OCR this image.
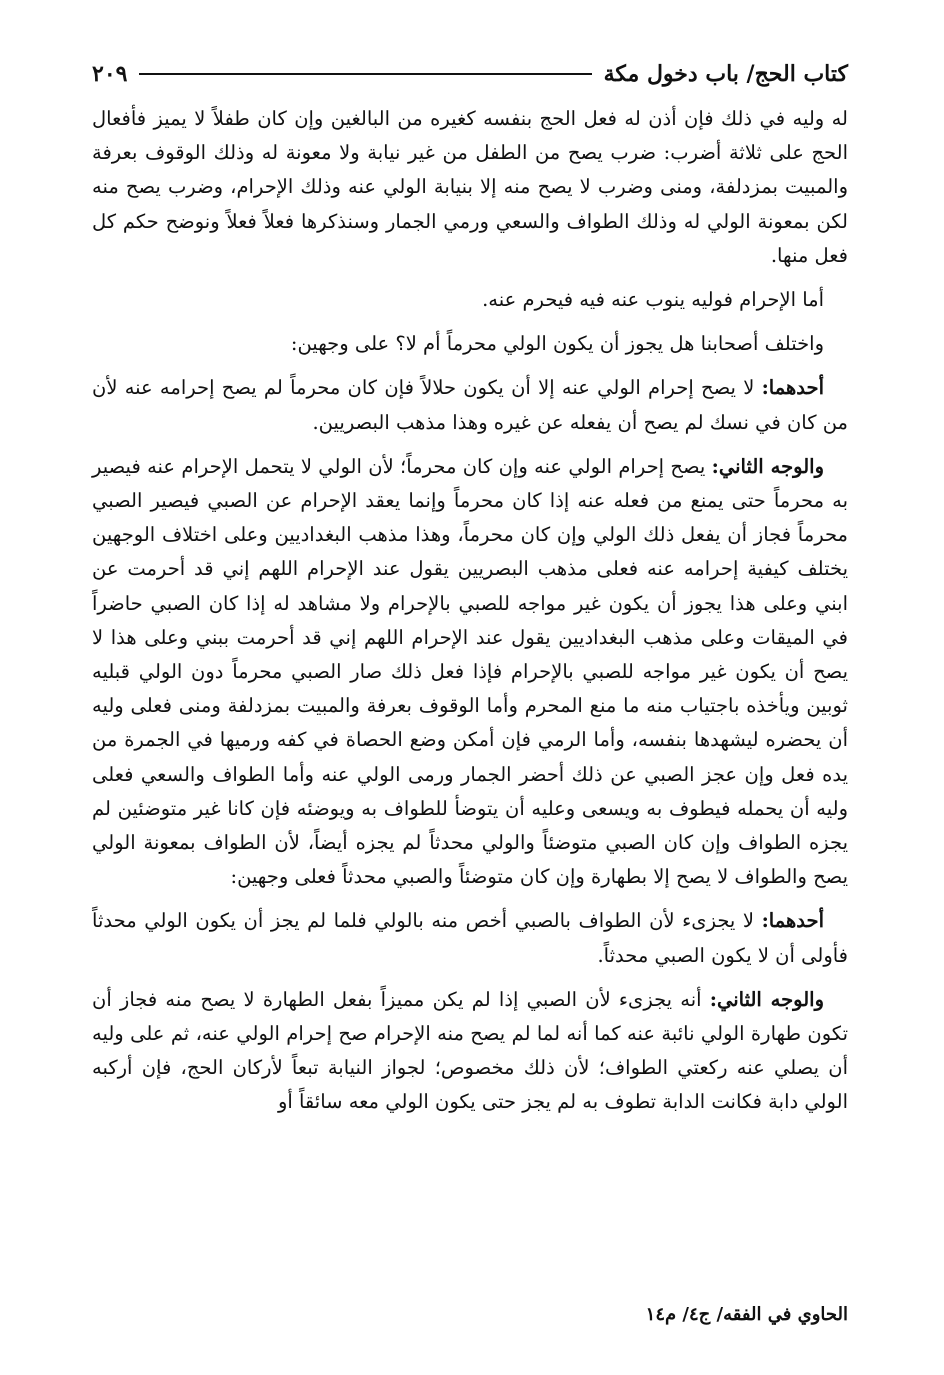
كتاب الحج/ باب دخول مكة
٢٠٩

له وليه في ذلك فإن أذن له فعل الحج بنفسه كغيره من البالغين وإن كان طفلاً لا يميز فأفعال الحج على ثلاثة أضرب: ضرب يصح من الطفل من غير نيابة ولا معونة له وذلك الوقوف بعرفة والمبيت بمزدلفة، ومنى وضرب لا يصح منه إلا بنيابة الولي عنه وذلك الإحرام، وضرب يصح منه لكن بمعونة الولي له وذلك الطواف والسعي ورمي الجمار وسنذكرها فعلاً فعلاً ونوضح حكم كل فعل منها.

أما الإحرام فوليه ينوب عنه فيه فيحرم عنه.

واختلف أصحابنا هل يجوز أن يكون الولي محرماً أم لا؟ على وجهين:

أحدهما: لا يصح إحرام الولي عنه إلا أن يكون حلالاً فإن كان محرماً لم يصح إحرامه عنه لأن من كان في نسك لم يصح أن يفعله عن غيره وهذا مذهب البصريين.

والوجه الثاني: يصح إحرام الولي عنه وإن كان محرماً؛ لأن الولي لا يتحمل الإحرام عنه فيصير به محرماً حتى يمنع من فعله عنه إذا كان محرماً وإنما يعقد الإحرام عن الصبي فيصير الصبي محرماً فجاز أن يفعل ذلك الولي وإن كان محرماً، وهذا مذهب البغداديين وعلى اختلاف الوجهين يختلف كيفية إحرامه عنه فعلى مذهب البصريين يقول عند الإحرام اللهم إني قد أحرمت عن ابني وعلى هذا يجوز أن يكون غير مواجه للصبي بالإحرام ولا مشاهد له إذا كان الصبي حاضراً في الميقات وعلى مذهب البغداديين يقول عند الإحرام اللهم إني قد أحرمت ببني وعلى هذا لا يصح أن يكون غير مواجه للصبي بالإحرام فإذا فعل ذلك صار الصبي محرماً دون الولي قبليه ثوبين ويأخذه باجتياب منه ما منع المحرم وأما الوقوف بعرفة والمبيت بمزدلفة ومنى فعلى وليه أن يحضره ليشهدها بنفسه، وأما الرمي فإن أمكن وضع الحصاة في كفه ورميها في الجمرة من يده فعل وإن عجز الصبي عن ذلك أحضر الجمار ورمى الولي عنه وأما الطواف والسعي فعلى وليه أن يحمله فيطوف به ويسعى وعليه أن يتوضأ للطواف به ويوضئه فإن كانا غير متوضئين لم يجزه الطواف وإن كان الصبي متوضئاً والولي محدثاً لم يجزه أيضاً، لأن الطواف بمعونة الولي يصح والطواف لا يصح إلا بطهارة وإن كان متوضئاً والصبي محدثاً فعلى وجهين:

أحدهما: لا يجزىء لأن الطواف بالصبي أخص منه بالولي فلما لم يجز أن يكون الولي محدثاً فأولى أن لا يكون الصبي محدثاً.

والوجه الثاني: أنه يجزىء لأن الصبي إذا لم يكن مميزاً بفعل الطهارة لا يصح منه فجاز أن تكون طهارة الولي نائبة عنه كما أنه لما لم يصح منه الإحرام صح إحرام الولي عنه، ثم على وليه أن يصلي عنه ركعتي الطواف؛ لأن ذلك مخصوص؛ لجواز النيابة تبعاً لأركان الحج، فإن أركبه الولي دابة فكانت الدابة تطوف به لم يجز حتى يكون الولي معه سائقاً أو

الحاوي في الفقه/ ج٤/ م١٤
